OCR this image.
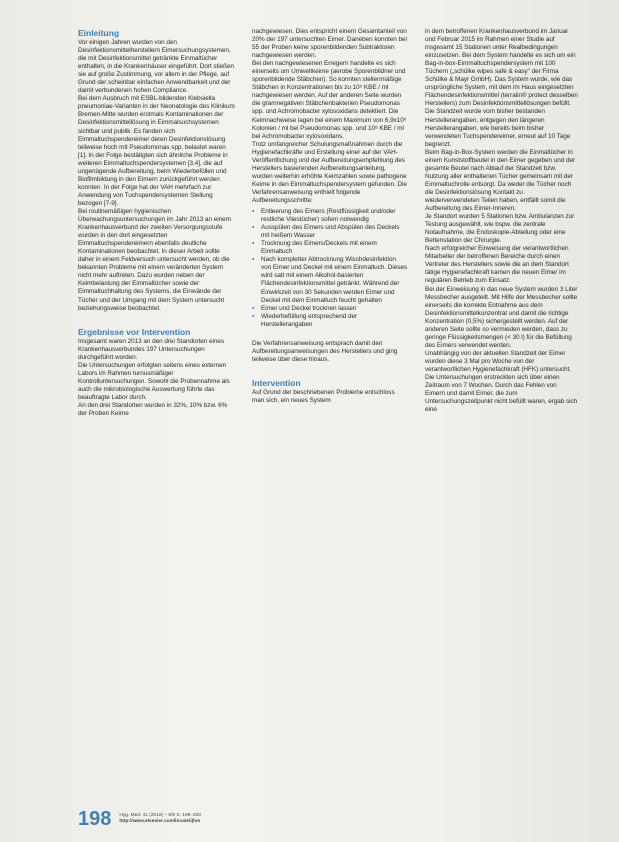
Einleitung

Vor einigen Jahren wurden von den Desinfektionsmittelherstellern Eimersuchungsystemen, die mit Desinfektionsmittel getränkte Einmaltücher enthalten, in die Krankenhäuser eingeführt. Dort stießen sie auf große Zustimmung, vor allem in der Pflege, auf Grund der scheinbar einfachen Anwendbarkeit und der damit verbundenen hohen Compliance.

Bei dem Ausbruch mit ESBL-bildenden Klebsiella pneumoniae-Varianten in der Neonatologie des Klinikum Bremen-Mitte wurden erstmals Kontaminationen der Desinfektionsmittellösung in Eimmalsuchsystemen sichtbar und publik. Es fanden sich Eimmaltuchspendereimer deren Desinfektionslösung teilweise hoch mit Pseudomonas spp. belastet waren [1]. In der Folge bestätigten sich ähnliche Probleme in weiteren Eimmaltuchspendersystemen [3,4], die auf ungenügende Aufbereitung, beim Wiederbefüllen und Biofilmbildung in den Eimern zurückgeführt werden konnten. In der Folge hat der VAH mehrfach zur Anwendung von Tuchspendersystemen Stellung bezogen [7-9].

Bei routinemäßigen hygienischen Überwachungsuntersuchungen im Jahr 2013 an einem Krankenhausverbund der zweiten Versorgungsstufe wurden in den dort eingesetzten Eimmaltuchspendereimern ebenfalls deutliche Kontaminationen beobachtet. In dieser Arbeit sollte daher in einem Feldversuch untersucht werden, ob die bekannten Probleme mit einem veränderten System nicht mehr auftreten. Dazu wurden neben der Keimbelastung der Eimmaltücher sowie der Eimmaltuchhaltung des Systems, die Einwände der Tücher und der Umgang mit dem System untersucht beziehungsweise beobachtet.

Ergebnisse vor Intervention

Insgesamt waren 2013 an den drei Standorten eines Krankenhausverbundes 197 Untersuchungen durchgeführt worden.

Die Untersuchungen erfolgten seitens eines externen Labors im Rahmen turnusmäßiger Kontrolluntersuchungen. Sowohl die Probennahme als auch die mikrobiologische Auswertung führte das beauftragte Labor durch.

An den drei Standorten wurden in 32%, 10% bzw. 6% der Proben Keime

nachgewiesen. Dies entspricht einem Gesamtanteil von 20% der 197 untersuchten Eimer. Daneben konnten bei 55 der Proben keine sporenbildenden Subtraktoren nachgewiesen werden.

Bei den nachgewiesenen Erregern handelte es sich einerseits um Umweltkeime (aerobe Sporenbildner und sporenbildende Stäbchen). So konnten stellenmäßige Stäbchen in Konzentrationen bis zu 10⁵ KBE / ml nachgewiesen werden. Auf der anderen Seite wurden die gramnegativen Stäbchenbakterien Pseudomonas spp. und Achromobacter xylosoxidans detektiert. Die Keimnachweise lagen bei einem Maximum von 6,9x10⁶ Kolonien / ml bei Pseudomonas spp. und 10⁸ KBE / ml bei Achromobacter xylosoxidans.

Trotz umfangreicher Schulungsmaßnahmen durch die Hygienefachkräfte und Erstellung einer auf der VAH-Veröffentlichung und der Aufbereitungsempfehlung des Herstellers basierenden Aufbereitungsanleitung, wurden weiterhin erhöhte Keimzahlen sowie pathogene Keime in den Eimmaltuchspendersystem gefunden. Die Verfahrensanweisung enthielt folgende Aufbereitungsschritte:

▪ Entleerung des Eimers (Restflüssigkeit und/oder restliche Vliestücher) sofern notwendig
▪ Ausspülen des Eimers und Abspülen des Deckels mit heißem Wasser
▪ Trocknung des Eimers/Deckels mit einem Einmaltuch
▪ Nach kompletter Abtrocknung Wischdesinfektion von Eimer und Deckel mit einem Einmaltuch. Dieses wird satt mit einem Alkohol-basierten Flächendesinfektionsmittel getränkt. Während der Einwirkzeit von 30 Sekunden werden Eimer und Deckel mit dem Einmaltuch feucht gehalten
▪ Eimer und Deckel trocknen lassen
▪ Wiederbefüllung entsprechend der Herstellerangaben

Die Verfahrensanweisung entsprach damit den Aufbereitungsanweisungen des Herstellers und ging teilweise über diese hinaus.

Intervention

Auf Grund der beschriebenen Probleme entschloss man sich, ein neues System

in dem betroffenen Krankenhausverbund im Januar und Februar 2015 im Rahmen einer Studie auf insgesamt 15 Stationen unter Realbedingungen einzusetzen. Bei dem System handelte es sich um ein Bag-in-box-Eimmaltuchspendersystem mit 100 Tüchern („schülke wipes safe & easy" der Firma Schülke & Mayr GmbH). Das System wurde, wie das ursprüngliche System, mit dem im Haus eingesetzten Flächendesinfektionsmittel (terralin® protect desselben Herstellers) zum Desinfektionsmittellösungen befüllt. Die Standzeit wurde vom bisher bestanden Herstellerangaben, entgegen den längeren Herstellerangaben, wie bereits beim bisher verwendeten Tuchspendereimer, erneut auf 10 Tage begrenzt.

Beim Bag-in-Box-System werden die Einmaltücher in einem Kunststoffbeutel in den Eimer gegeben und der gesamte Beutel nach Ablauf der Standzeit bzw. Nutzung aller enthaltenen Tücher gemeinsam mit der Eimmaltuchrolle entsorgt. Da weder die Tücher noch die Desinfektionslösung Kontakt zu wiederverwendeten Teilen haben, entfällt somit die Aufbereitung des Eimer-Inneren.

Je Standort wurden 5 Stationen bzw. Ambulanzen zur Testung ausgewählt, wie bspw. die zentrale Notaufnahme, die Endoskopie-Abteilung oder eine Bettenstation der Chirurgie.

Nach erfolgreicher Einweisung der verantwortlichen Mitarbeiter der betroffenen Bereiche durch einen Vertreter des Herstellers sowie die an dem Standort tätige Hygienefachkraft kamen die neuen Eimer im regulären Betrieb zum Einsatz.

Bei der Einweisung in das neue System wurden 3 Liter Messbecher ausgeteilt. Mit Hilfe der Messbecher sollte einerseits die korrekte Entnahme aus dem Desinfektionsmittelkonzentrat und damit die richtige Konzentration (0,5%) sichergestellt werden. Auf der anderen Seite sollte so vermieden werden, dass zu geringe Flüssigkeitsmengen (< 30 l) für die Befüllung des Eimers verwendet werden.

Unabhängig von der aktuellen Standzeit der Eimer wurden diese 3 Mal pro Woche von der verantwortlichen Hygienefachkraft (HFK) untersucht. Die Untersuchungen erstreckten sich über einen Zeitraum von 7 Wochen. Durch das Fehlen von Eimern und damit Eimer, die zum Untersuchungszeitpunkt nicht befüllt waren, ergab sich eine

198 Hyg. Med. 41 (2016) – 8/9 S. 198–203
http://www.elsevier.com/locate/ijhm
